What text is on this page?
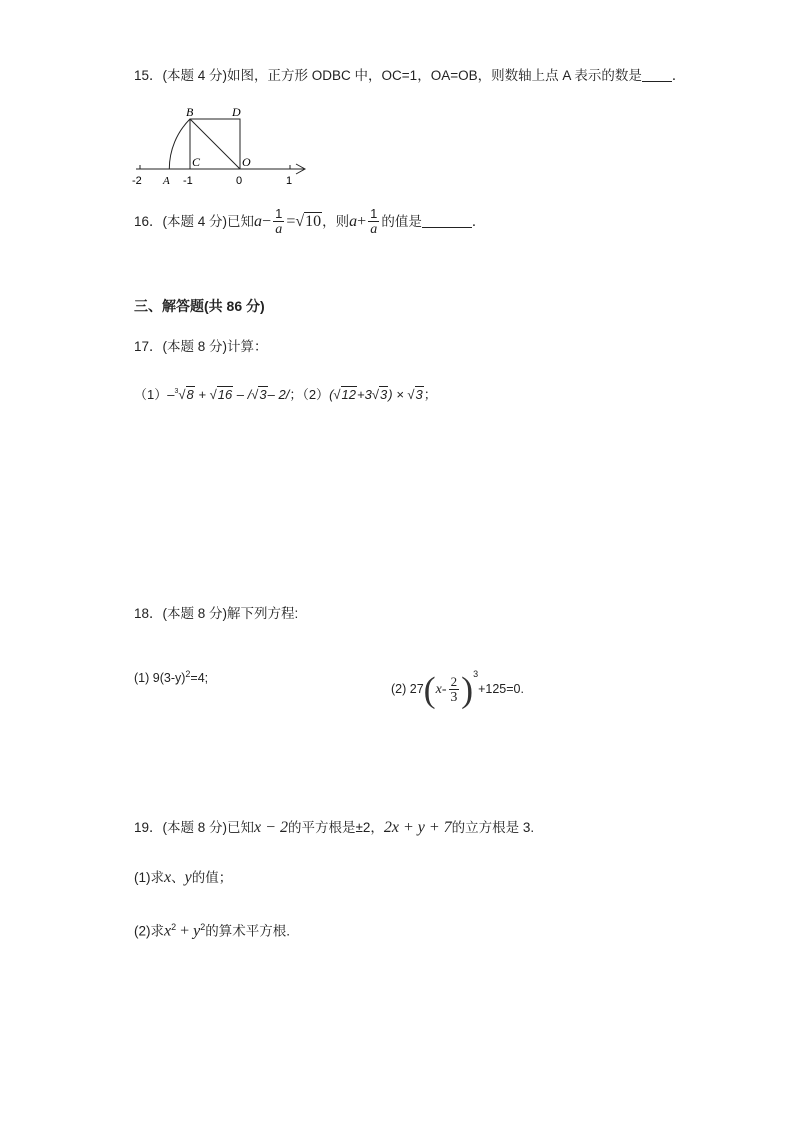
15．(本题 4 分)如图，正方形 ODBC 中，OC=1，OA=OB，则数轴上点 A 表示的数是 ．
B	D
C	O
A
-2	-1	0	1
16．(本题 4 分)已知$a- \frac{1}{a} =√10$，则$a+ \frac{1}{a}$ 的值是	．
三、解答题(共 86 分)
17．(本题 8 分)计算：
（1）–$^3$√8 + √16 – /√3– 2/；（2）(√12+3√3) × √3；
18．(本题 8 分)解下列方程:
(1) $9(3-y)^2=4$;
(2) $27(x- \frac{2}{3} )^3+125=0$.
19．(本题 8 分)已知x − 2的平方根是±2，2x + y + 7的立方根是 3.
(1)求x、y的值；
(2)求$x^2 + y^2$的算术平方根.
